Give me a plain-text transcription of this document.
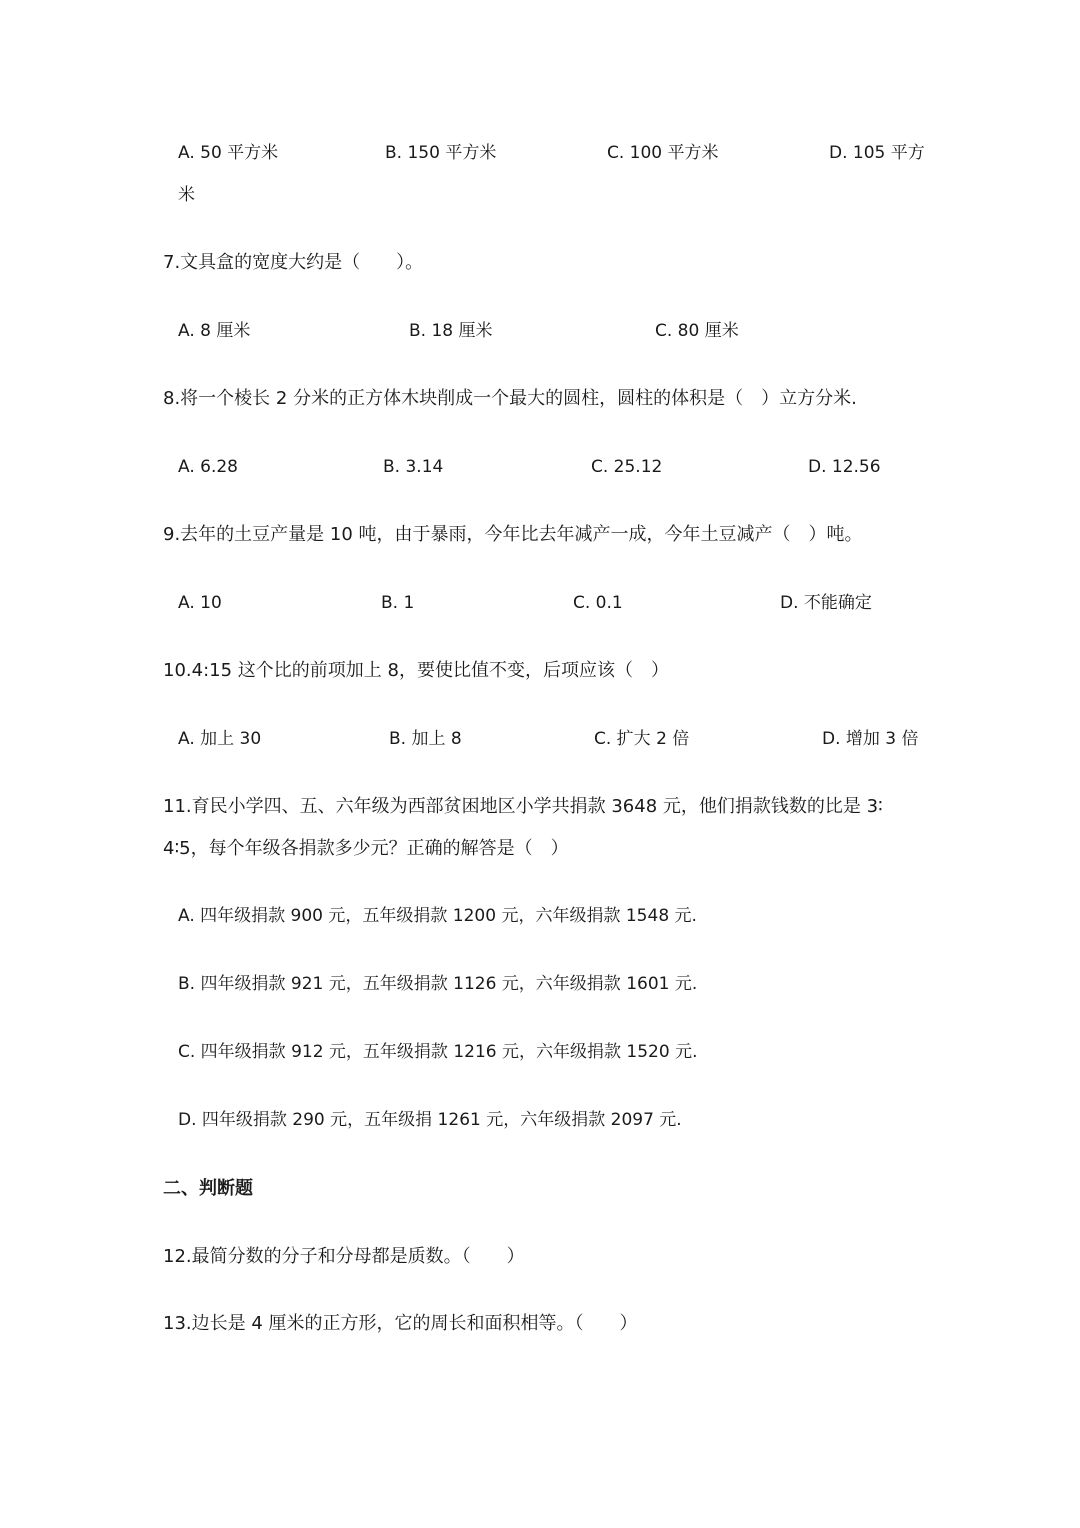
A. 50 平方米	B. 150 平方米	C. 100 平方米	D. 105 平方
米
7.文具盒的宽度大约是（　　）。
A. 8 厘米	B. 18 厘米	C. 80 厘米
8.将一个棱长 2 分米的正方体木块削成一个最大的圆柱，圆柱的体积是（　）立方分米.
A. 6.28	B. 3.14	C. 25.12	D. 12.56
9.去年的土豆产量是 10 吨，由于暴雨，今年比去年减产一成，今年土豆减产（　）吨。
A. 10	B. 1	C. 0.1	D. 不能确定
10.4:15 这个比的前项加上 8，要使比值不变，后项应该（　）
A. 加上 30	B. 加上 8	C. 扩大 2 倍	D. 增加 3 倍
11.育民小学四、五、六年级为西部贫困地区小学共捐款 3648 元，他们捐款钱数的比是 3∶
4∶5，每个年级各捐款多少元？正确的解答是（　）
A. 四年级捐款 900 元，五年级捐款 1200 元，六年级捐款 1548 元.
B. 四年级捐款 921 元，五年级捐款 1126 元，六年级捐款 1601 元.
C. 四年级捐款 912 元，五年级捐款 1216 元，六年级捐款 1520 元.
D. 四年级捐款 290 元，五年级捐 1261 元，六年级捐款 2097 元.
二、判断题
12.最简分数的分子和分母都是质数。（　　）
13.边长是 4 厘米的正方形，它的周长和面积相等。（　　）
